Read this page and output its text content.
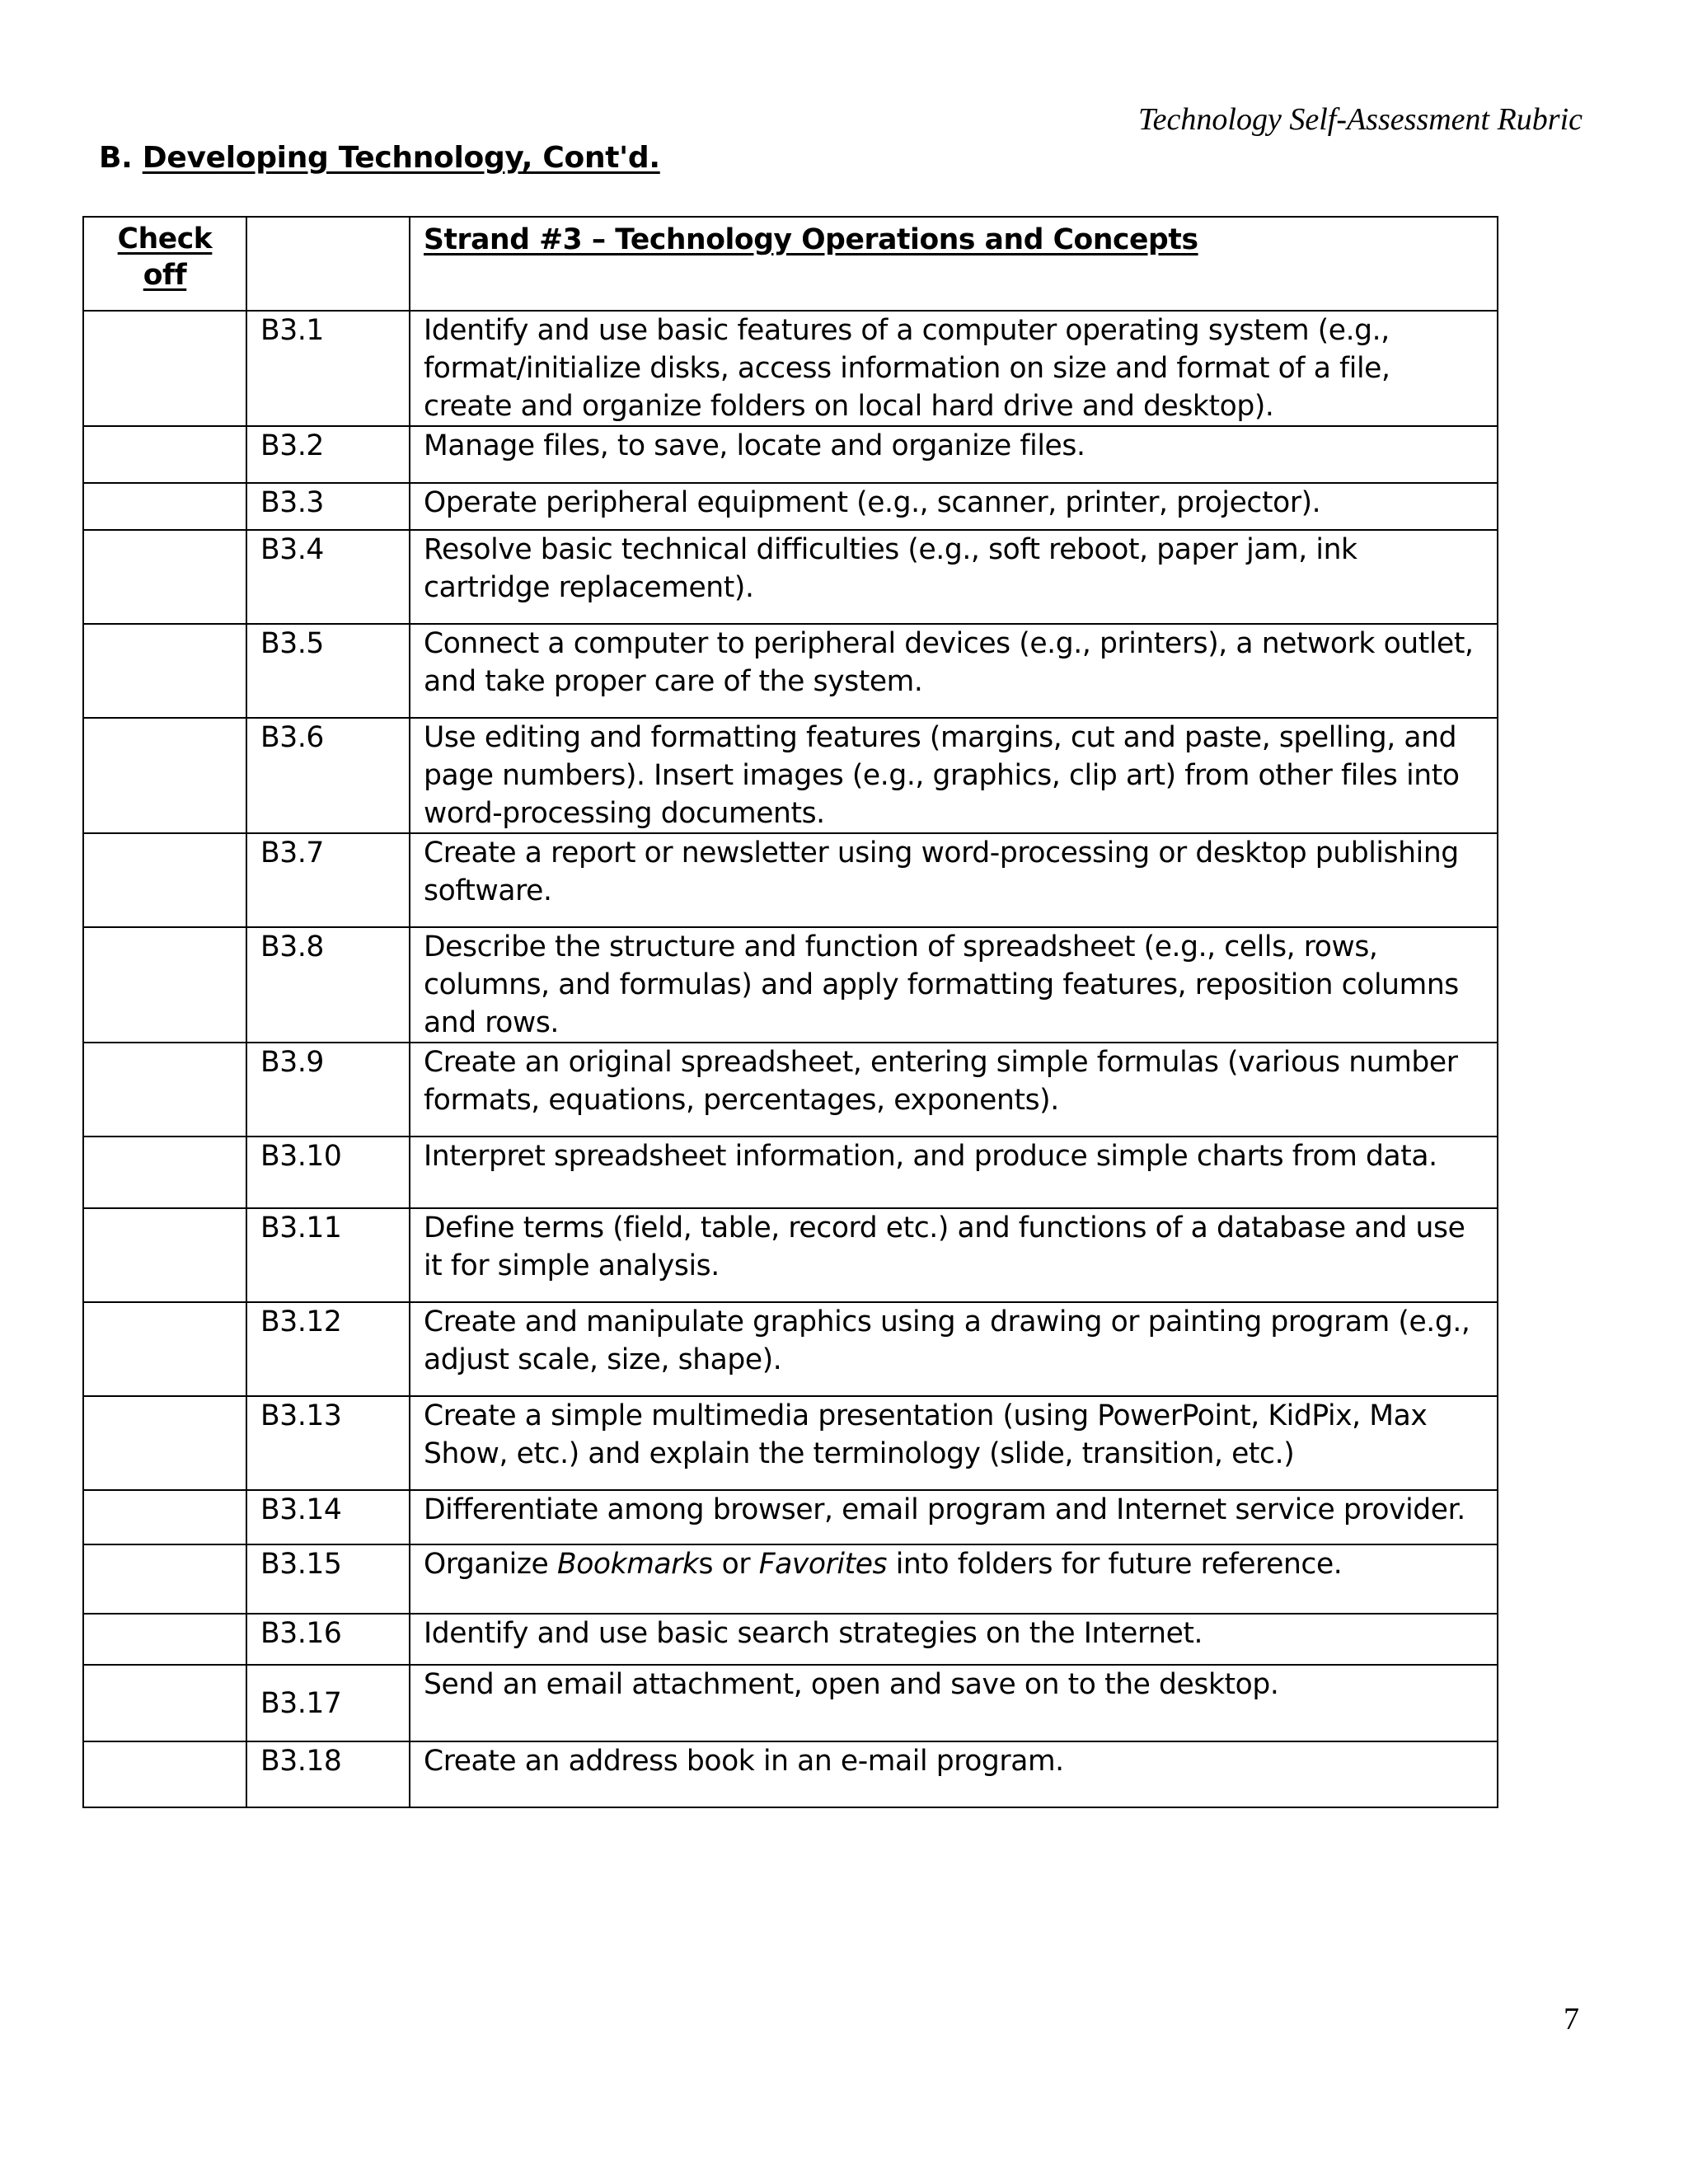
Technology Self-Assessment Rubric
B. Developing Technology, Cont'd.
Check
off		Strand #3 – Technology Operations and Concepts
	B3.1	Identify and use basic features of a computer operating system (e.g., format/initialize disks, access information on size and format of a file, create and organize folders on local hard drive and desktop).
	B3.2	Manage files, to save, locate and organize files.
	B3.3	Operate peripheral equipment (e.g., scanner, printer, projector).
	B3.4	Resolve basic technical difficulties (e.g., soft reboot, paper jam, ink cartridge replacement).
	B3.5	Connect a computer to peripheral devices (e.g., printers), a network outlet, and take proper care of the system.
	B3.6	Use editing and formatting features (margins, cut and paste, spelling, and page numbers). Insert images (e.g., graphics, clip art) from other files into word-processing documents.
	B3.7	Create a report or newsletter using word-processing or desktop publishing software.
	B3.8	Describe the structure and function of spreadsheet (e.g., cells, rows, columns, and formulas) and apply formatting features, reposition columns and rows.
	B3.9	Create an original spreadsheet, entering simple formulas (various number formats, equations, percentages, exponents).
	B3.10	Interpret spreadsheet information, and produce simple charts from data.
	B3.11	Define terms (field, table, record etc.) and functions of a database and use it for simple analysis.
	B3.12	Create and manipulate graphics using a drawing or painting program (e.g., adjust scale, size, shape).
	B3.13	Create a simple multimedia presentation (using PowerPoint, KidPix, Max Show, etc.) and explain the terminology (slide, transition, etc.)
	B3.14	Differentiate among browser, email program and Internet service provider.
	B3.15	Organize Bookmarks or Favorites into folders for future reference.
	B3.16	Identify and use basic search strategies on the Internet.
	B3.17	Send an email attachment, open and save on to the desktop.
	B3.18	Create an address book in an e-mail program.
7
